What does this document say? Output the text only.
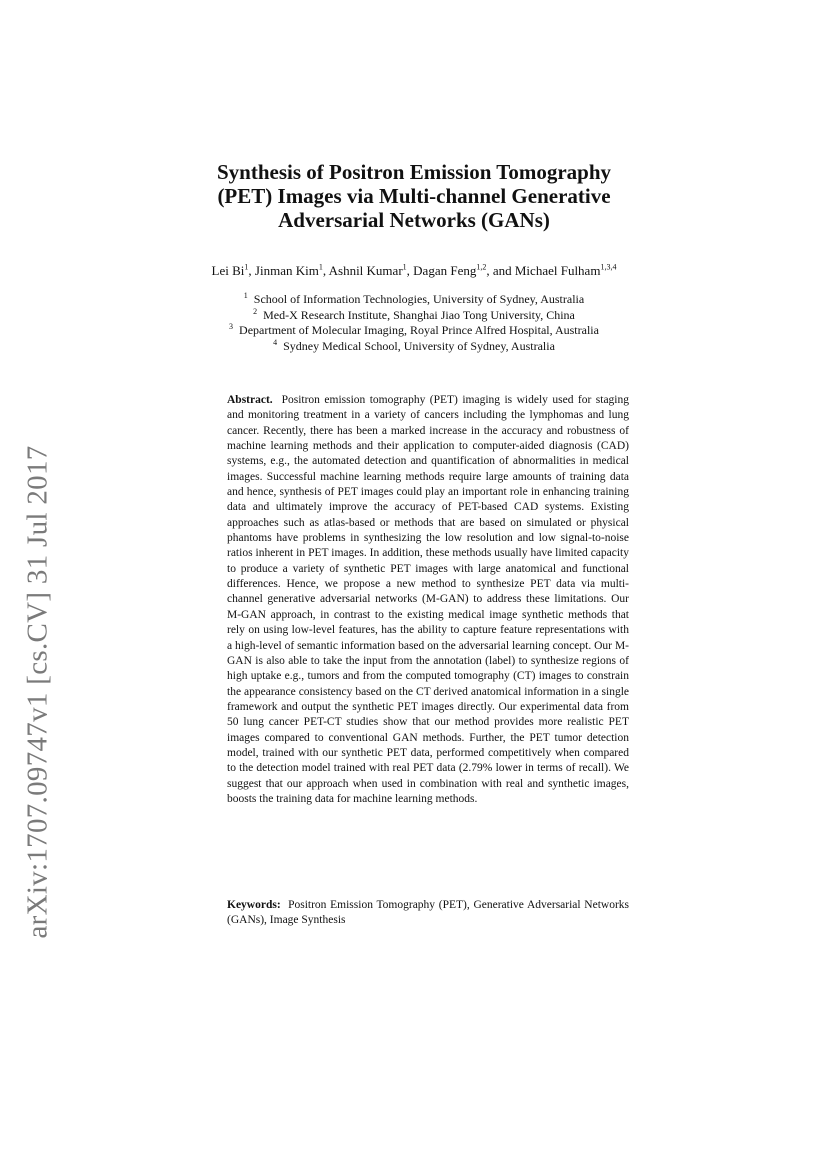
arXiv:1707.09747v1 [cs.CV] 31 Jul 2017
Synthesis of Positron Emission Tomography
(PET) Images via Multi-channel Generative
Adversarial Networks (GANs)
Lei Bi$^1$, Jinman Kim$^1$, Ashnil Kumar$^1$, Dagan Feng$^{1,2}$, and Michael Fulham$^{1,3,4}$
$^1$ School of Information Technologies, University of Sydney, Australia
$^2$ Med-X Research Institute, Shanghai Jiao Tong University, China
$^3$ Department of Molecular Imaging, Royal Prince Alfred Hospital, Australia
$^4$ Sydney Medical School, University of Sydney, Australia
Abstract. Positron emission tomography (PET) imaging is widely used for staging and monitoring treatment in a variety of cancers including the lymphomas and lung cancer. Recently, there has been a marked increase in the accuracy and robustness of machine learning methods and their application to computer-aided diagnosis (CAD) systems, e.g., the automated detection and quantification of abnormalities in medical images. Successful machine learning methods require large amounts of training data and hence, synthesis of PET images could play an important role in enhancing training data and ultimately improve the accuracy of PET-based CAD systems. Existing approaches such as atlas-based or methods that are based on simulated or physical phantoms have problems in synthesizing the low resolution and low signal-to-noise ratios inherent in PET images. In addition, these methods usually have limited capacity to produce a variety of synthetic PET images with large anatomical and functional differences. Hence, we propose a new method to synthesize PET data via multi-channel generative adversarial networks (M-GAN) to address these limitations. Our M-GAN approach, in contrast to the existing medical image synthetic methods that rely on using low-level features, has the ability to capture feature representations with a high-level of semantic information based on the adversarial learning concept. Our M-GAN is also able to take the input from the annotation (label) to synthesize regions of high uptake e.g., tumors and from the computed tomography (CT) images to constrain the appearance consistency based on the CT derived anatomical information in a single framework and output the synthetic PET images directly. Our experimental data from 50 lung cancer PET-CT studies show that our method provides more realistic PET images compared to conventional GAN methods. Further, the PET tumor detection model, trained with our synthetic PET data, performed competitively when compared to the detection model trained with real PET data (2.79% lower in terms of recall). We suggest that our approach when used in combination with real and synthetic images, boosts the training data for machine learning methods.
Keywords: Positron Emission Tomography (PET), Generative Adversarial Networks (GANs), Image Synthesis
